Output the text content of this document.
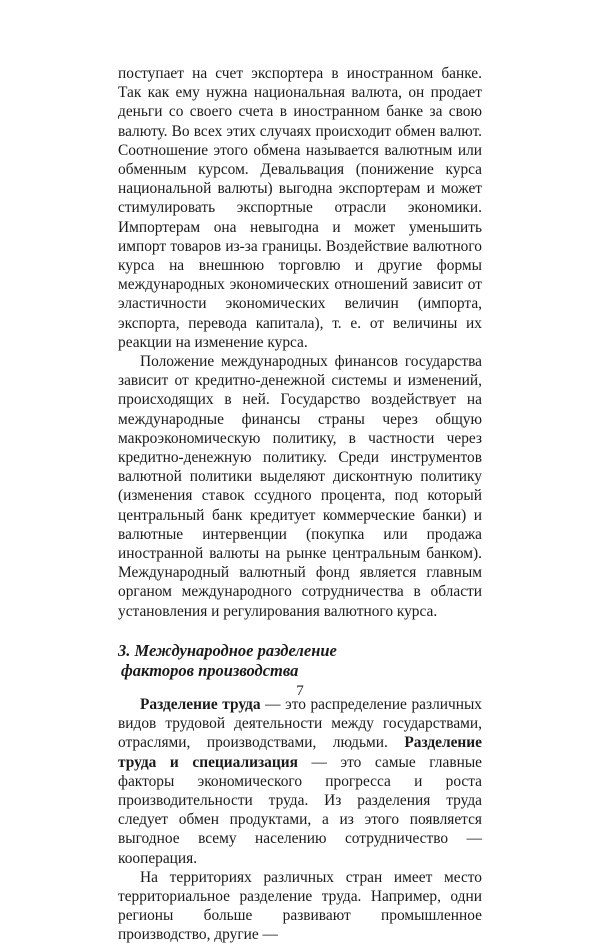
поступает на счет экспортера в иностранном банке. Так как ему нужна национальная валюта, он продает деньги со своего счета в иностранном банке за свою валюту. Во всех этих случаях происходит обмен валют. Соотношение этого обмена называется валютным или обменным курсом. Девальвация (понижение курса национальной валюты) выгодна экспортерам и может стимулировать экспортные отрасли экономики. Импортерам она невыгодна и может уменьшить импорт товаров из-за границы. Воздействие валютного курса на внешнюю торговлю и другие формы международных экономических отношений зависит от эластичности экономических величин (импорта, экспорта, перевода капитала), т. е. от величины их реакции на изменение курса.

Положение международных финансов государства зависит от кредитно-денежной системы и изменений, происходящих в ней. Государство воздействует на международные финансы страны через общую макроэкономическую политику, в частности через кредитно-денежную политику. Среди инструментов валютной политики выделяют дисконтную политику (изменения ставок ссудного процента, под который центральный банк кредитует коммерческие банки) и валютные интервенции (покупка или продажа иностранной валюты на рынке центральным банком). Международный валютный фонд является главным органом международного сотрудничества в области установления и регулирования валютного курса.

3. Международное разделение
факторов производства

Разделение труда — это распределение различных видов трудовой деятельности между государствами, отраслями, производствами, людьми. Разделение труда и специализация — это самые главные факторы экономического прогресса и роста производительности труда. Из разделения труда следует обмен продуктами, а из этого появляется выгодное всему населению сотрудничество — кооперация.

На территориях различных стран имеет место территориальное разделение труда. Например, одни регионы больше развивают промышленное производство, другие —

7
